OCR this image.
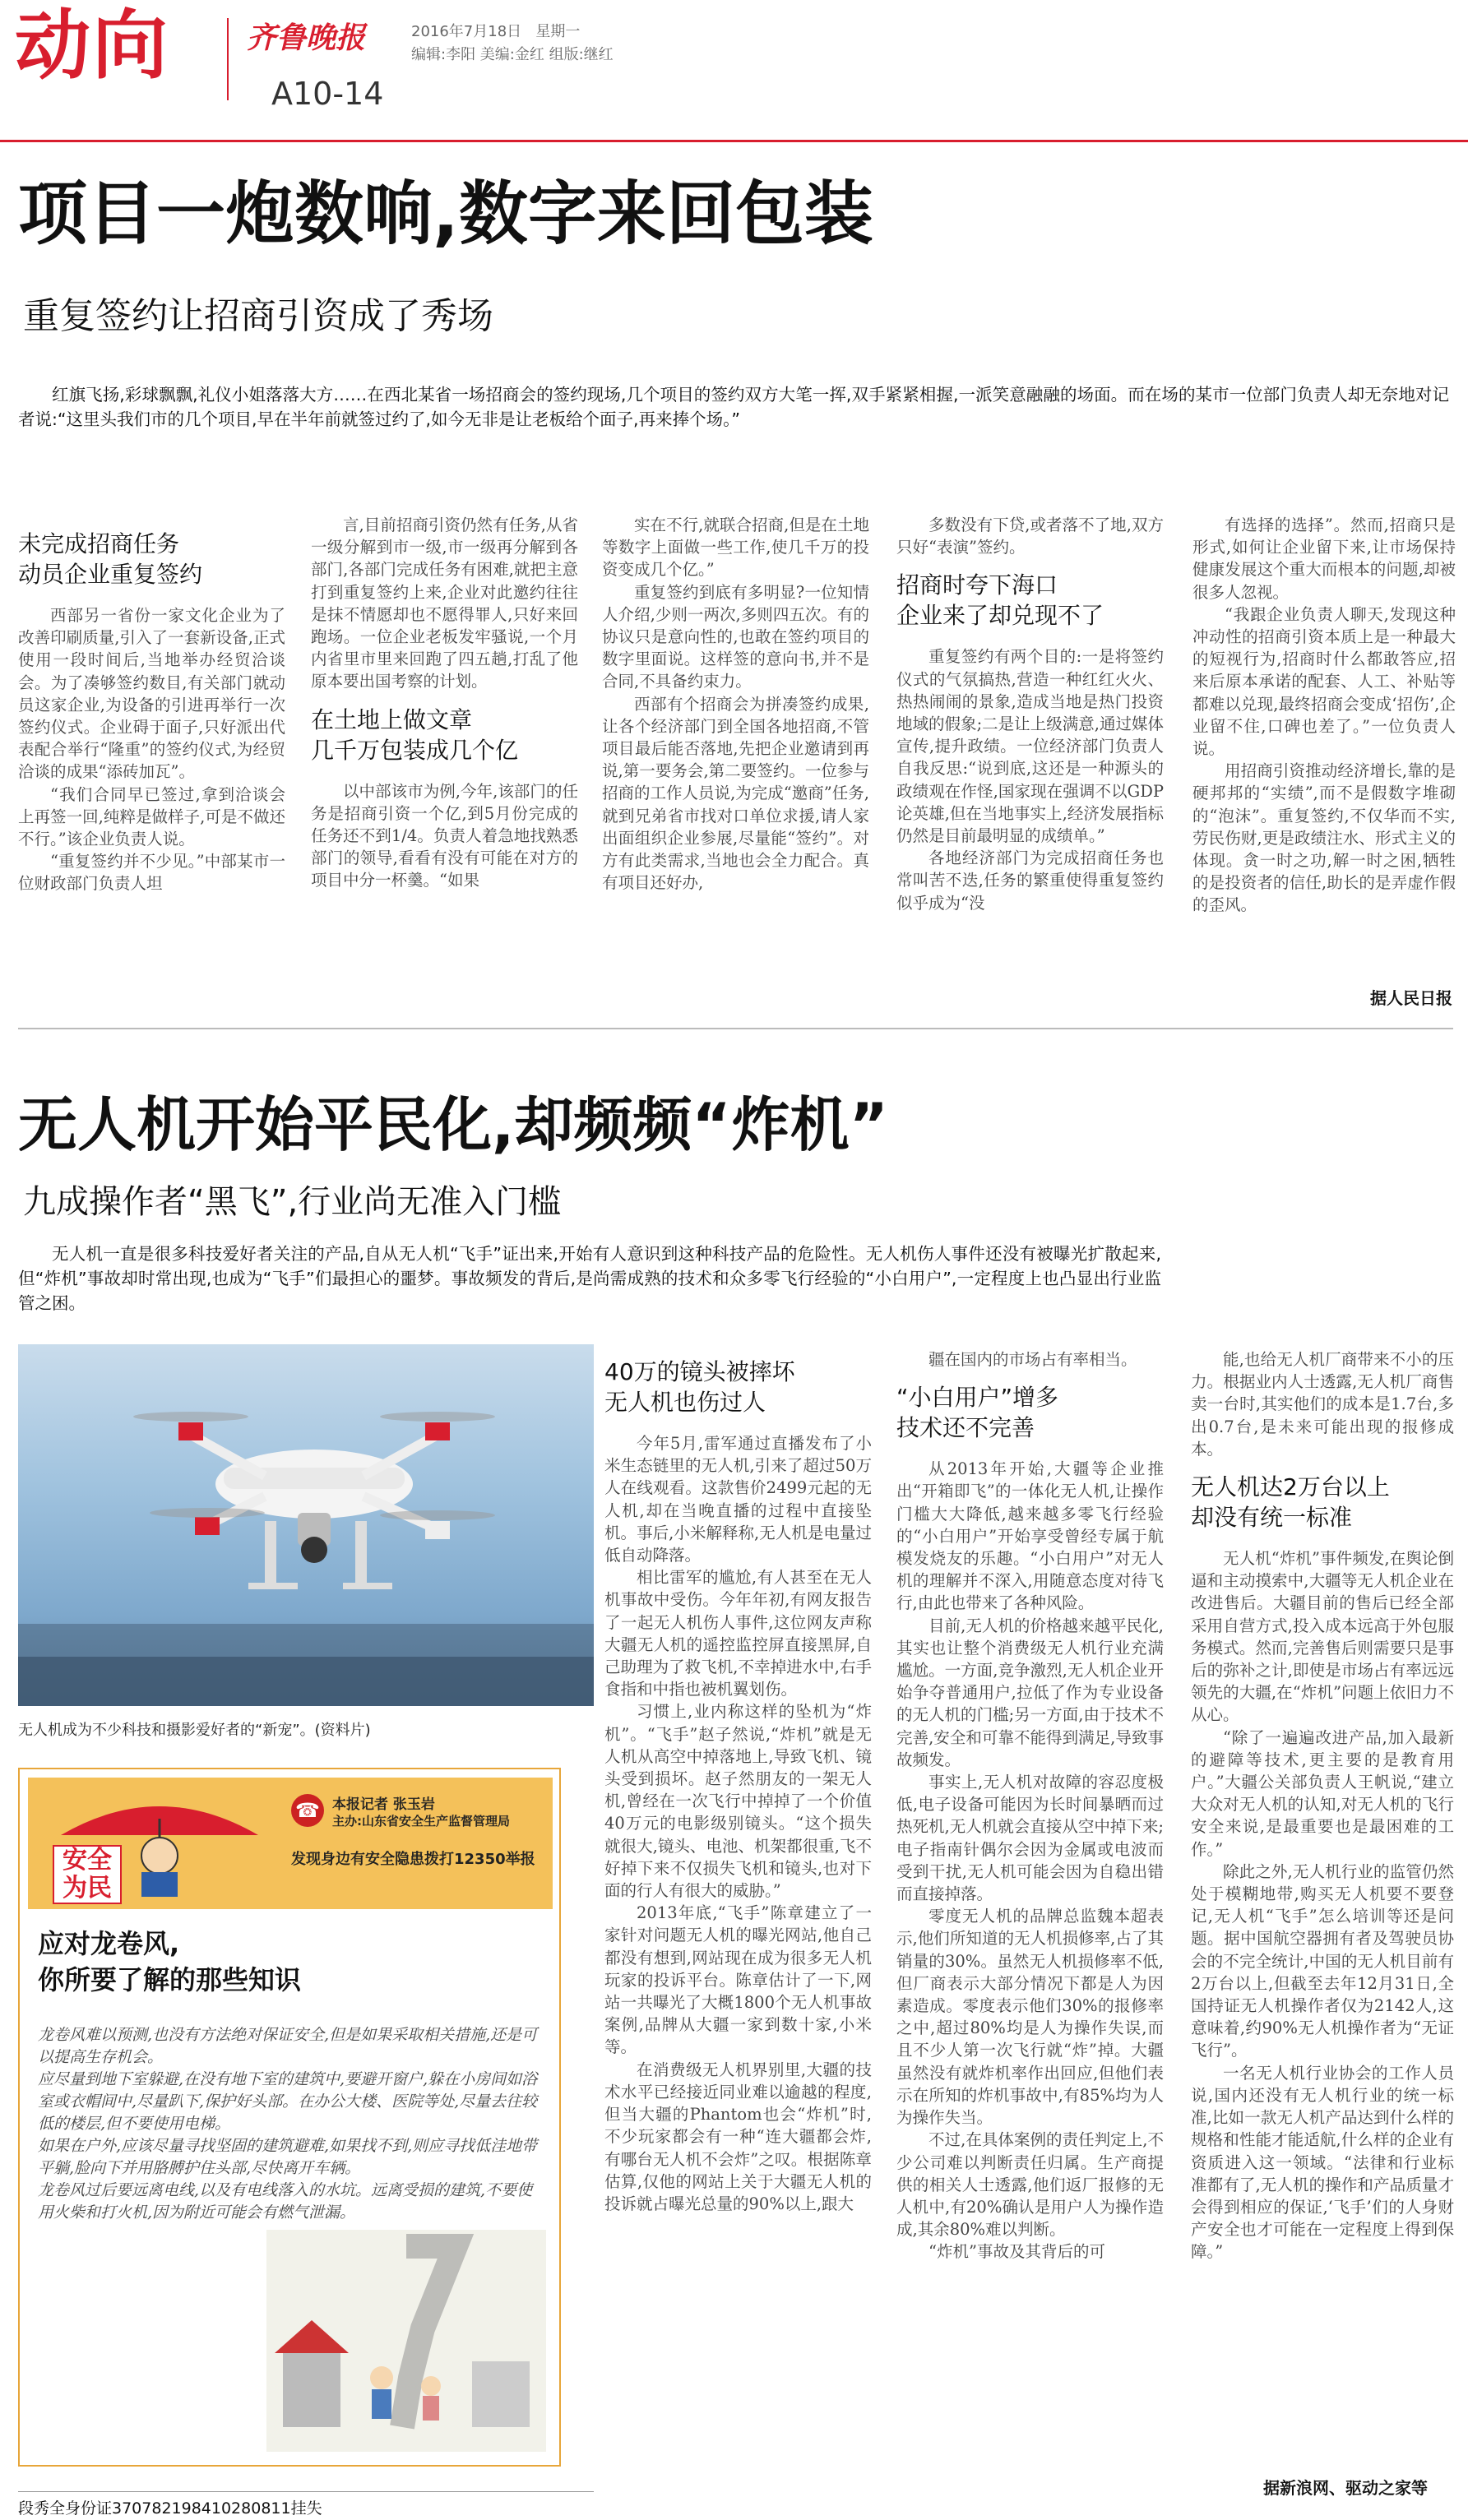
动向	齐鲁晚报	2016年7月18日 星期一
编辑:李阳 美编:金红 组版:继红
A10-14
项目一炮数响,数字来回包装
重复签约让招商引资成了秀场
红旗飞扬,彩球飘飘,礼仪小姐落落大方……在西北某省一场招商会的签约现场,几个项目的签约双方大笔一挥,双手紧紧相握,一派笑意融融的场面。而在场的某市一位部门负责人却无奈地对记者说:“这里头我们市的几个项目,早在半年前就签过约了,如今无非是让老板给个面子,再来捧个场。”
未完成招商任务
动员企业重复签约

西部另一省份一家文化企业为了改善印刷质量,引入了一套新设备,正式使用一段时间后,当地举办经贸洽谈会。为了凑够签约数目,有关部门就动员这家企业,为设备的引进再举行一次签约仪式。企业碍于面子,只好派出代表配合举行“隆重”的签约仪式,为经贸洽谈的成果“添砖加瓦”。

“我们合同早已签过,拿到洽谈会上再签一回,纯粹是做样子,可是不做还不行。”该企业负责人说。

“重复签约并不少见。”中部某市一位财政部门负责人坦

言,目前招商引资仍然有任务,从省一级分解到市一级,市一级再分解到各部门,各部门完成任务有困难,就把主意打到重复签约上来,企业对此邀约往往是抹不情愿却也不愿得罪人,只好来回跑场。一位企业老板发牢骚说,一个月内省里市里来回跑了四五趟,打乱了他原本要出国考察的计划。

在土地上做文章
几千万包装成几个亿

以中部该市为例,今年,该部门的任务是招商引资一个亿,到5月份完成的任务还不到1/4。负责人着急地找熟悉部门的领导,看看有没有可能在对方的项目中分一杯羹。“如果

实在不行,就联合招商,但是在土地等数字上面做一些工作,使几千万的投资变成几个亿。”

重复签约到底有多明显?一位知情人介绍,少则一两次,多则四五次。有的协议只是意向性的,也敢在签约项目的数字里面说。这样签的意向书,并不是合同,不具备约束力。

西部有个招商会为拼凑签约成果,让各个经济部门到全国各地招商,不管项目最后能否落地,先把企业邀请到再说,第一要务会,第二要签约。一位参与招商的工作人员说,为完成“邀商”任务,就到兄弟省市找对口单位求援,请人家出面组织企业参展,尽量能“签约”。对方有此类需求,当地也会全力配合。真有项目还好办,

多数没有下贷,或者落不了地,双方只好“表演”签约。

招商时夸下海口
企业来了却兑现不了

重复签约有两个目的:一是将签约仪式的气氛搞热,营造一种红红火火、热热闹闹的景象,造成当地是热门投资地域的假象;二是让上级满意,通过媒体宣传,提升政绩。一位经济部门负责人自我反思:“说到底,这还是一种源头的政绩观在作怪,国家现在强调不以GDP论英雄,但在当地事实上,经济发展指标仍然是目前最明显的成绩单。”

各地经济部门为完成招商任务也常叫苦不迭,任务的繁重使得重复签约似乎成为“没

有选择的选择”。然而,招商只是形式,如何让企业留下来,让市场保持健康发展这个重大而根本的问题,却被很多人忽视。

“我跟企业负责人聊天,发现这种冲动性的招商引资本质上是一种最大的短视行为,招商时什么都敢答应,招来后原本承诺的配套、人工、补贴等都难以兑现,最终招商会变成‘招伤’,企业留不住,口碑也差了。”一位负责人说。

用招商引资推动经济增长,靠的是硬邦邦的“实绩”,而不是假数字堆砌的“泡沫”。重复签约,不仅华而不实,劳民伤财,更是政绩注水、形式主义的体现。贪一时之功,解一时之困,牺牲的是投资者的信任,助长的是弄虚作假的歪风。

据人民日报
无人机开始平民化,却频频“炸机”
九成操作者“黑飞”,行业尚无准入门槛
无人机一直是很多科技爱好者关注的产品,自从无人机“飞手”证出来,开始有人意识到这种科技产品的危险性。无人机伤人事件还没有被曝光扩散起来,但“炸机”事故却时常出现,也成为“飞手”们最担心的噩梦。事故频发的背后,是尚需成熟的技术和众多零飞行经验的“小白用户”,一定程度上也凸显出行业监管之困。
无人机成为不少科技和摄影爱好者的“新宠”。(资料片)
安全为民
☎ 本报记者 张玉岩
主办:山东省安全生产监督管理局
发现身边有安全隐患拨打12350举报
应对龙卷风,
你所要了解的那些知识

龙卷风难以预测,也没有方法绝对保证安全,但是如果采取相关措施,还是可以提高生存机会。

应尽量到地下室躲避,在没有地下室的建筑中,要避开窗户,躲在小房间如浴室或衣帽间中,尽量趴下,保护好头部。在办公大楼、医院等处,尽量去往较低的楼层,但不要使用电梯。

如果在户外,应该尽量寻找坚固的建筑避难,如果找不到,则应寻找低洼地带平躺,脸向下并用胳膊护住头部,尽快离开车辆。

龙卷风过后要远离电线,以及有电线落入的水坑。远离受损的建筑,不要使用火柴和打火机,因为附近可能会有燃气泄漏。

40万的镜头被摔坏
无人机也伤过人

今年5月,雷军通过直播发布了小米生态链里的无人机,引来了超过50万人在线观看。这款售价2499元起的无人机,却在当晚直播的过程中直接坠机。事后,小米解释称,无人机是电量过低自动降落。

相比雷军的尴尬,有人甚至在无人机事故中受伤。今年年初,有网友报告了一起无人机伤人事件,这位网友声称大疆无人机的遥控监控屏直接黑屏,自己助理为了救飞机,不幸掉进水中,右手食指和中指也被机翼划伤。

习惯上,业内称这样的坠机为“炸机”。“飞手”赵子然说,“炸机”就是无人机从高空中掉落地上,导致飞机、镜头受到损坏。赵子然朋友的一架无人机,曾经在一次飞行中掉掉了一个价值40万元的电影级别镜头。“这个损失就很大,镜头、电池、机架都很重,飞不好掉下来不仅损失飞机和镜头,也对下面的行人有很大的威胁。”

2013年底,“飞手”陈章建立了一家针对问题无人机的曝光网站,他自己都没有想到,网站现在成为很多无人机玩家的投诉平台。陈章估计了一下,网站一共曝光了大概1800个无人机事故案例,品牌从大疆一家到数十家,小米等。

在消费级无人机界别里,大疆的技术水平已经接近同业难以逾越的程度,但当大疆的Phantom也会“炸机”时,不少玩家都会有一种“连大疆都会炸,有哪台无人机不会炸”之叹。根据陈章估算,仅他的网站上关于大疆无人机的投诉就占曝光总量的90%以上,跟大

疆在国内的市场占有率相当。

“小白用户”增多
技术还不完善

从2013年开始,大疆等企业推出“开箱即飞”的一体化无人机,让操作门槛大大降低,越来越多零飞行经验的“小白用户”开始享受曾经专属于航模发烧友的乐趣。“小白用户”对无人机的理解并不深入,用随意态度对待飞行,由此也带来了各种风险。

目前,无人机的价格越来越平民化,其实也让整个消费级无人机行业充满尴尬。一方面,竞争激烈,无人机企业开始争夺普通用户,拉低了作为专业设备的无人机的门槛;另一方面,由于技术不完善,安全和可靠不能得到满足,导致事故频发。

事实上,无人机对故障的容忍度极低,电子设备可能因为长时间暴晒而过热死机,无人机就会直接从空中掉下来;电子指南针偶尔会因为金属或电波而受到干扰,无人机可能会因为自稳出错而直接掉落。

零度无人机的品牌总监魏本超表示,他们所知道的无人机损修率,占了其销量的30%。虽然无人机损修率不低,但厂商表示大部分情况下都是人为因素造成。零度表示他们30%的报修率之中,超过80%均是人为操作失误,而且不少人第一次飞行就“炸”掉。大疆虽然没有就炸机率作出回应,但他们表示在所知的炸机事故中,有85%均为人为操作失当。

不过,在具体案例的责任判定上,不少公司难以判断责任归属。生产商提供的相关人士透露,他们返厂报修的无人机中,有20%确认是用户人为操作造成,其余80%难以判断。

“炸机”事故及其背后的可

能,也给无人机厂商带来不小的压力。根据业内人士透露,无人机厂商售卖一台时,其实他们的成本是1.7台,多出0.7台,是未来可能出现的报修成本。

无人机达2万台以上
却没有统一标准

无人机“炸机”事件频发,在舆论倒逼和主动摸索中,大疆等无人机企业在改进售后。大疆目前的售后已经全部采用自营方式,投入成本远高于外包服务模式。然而,完善售后则需要只是事后的弥补之计,即使是市场占有率远远领先的大疆,在“炸机”问题上依旧力不从心。

“除了一遍遍改进产品,加入最新的避障等技术,更主要的是教育用户。”大疆公关部负责人王帆说,“建立大众对无人机的认知,对无人机的飞行安全来说,是最重要也是最困难的工作。”

除此之外,无人机行业的监管仍然处于模糊地带,购买无人机要不要登记,无人机“飞手”怎么培训等还是问题。据中国航空器拥有者及驾驶员协会的不完全统计,中国的无人机目前有2万台以上,但截至去年12月31日,全国持证无人机操作者仅为2142人,这意味着,约90%无人机操作者为“无证飞行”。

一名无人机行业协会的工作人员说,国内还没有无人机行业的统一标准,比如一款无人机产品达到什么样的规格和性能才能适航,什么样的企业有资质进入这一领域。“法律和行业标准都有了,无人机的操作和产品质量才会得到相应的保证,‘飞手’们的人身财产安全也才可能在一定程度上得到保障。”

据新浪网、驱动之家等
段秀全身份证370782198410280811挂失
